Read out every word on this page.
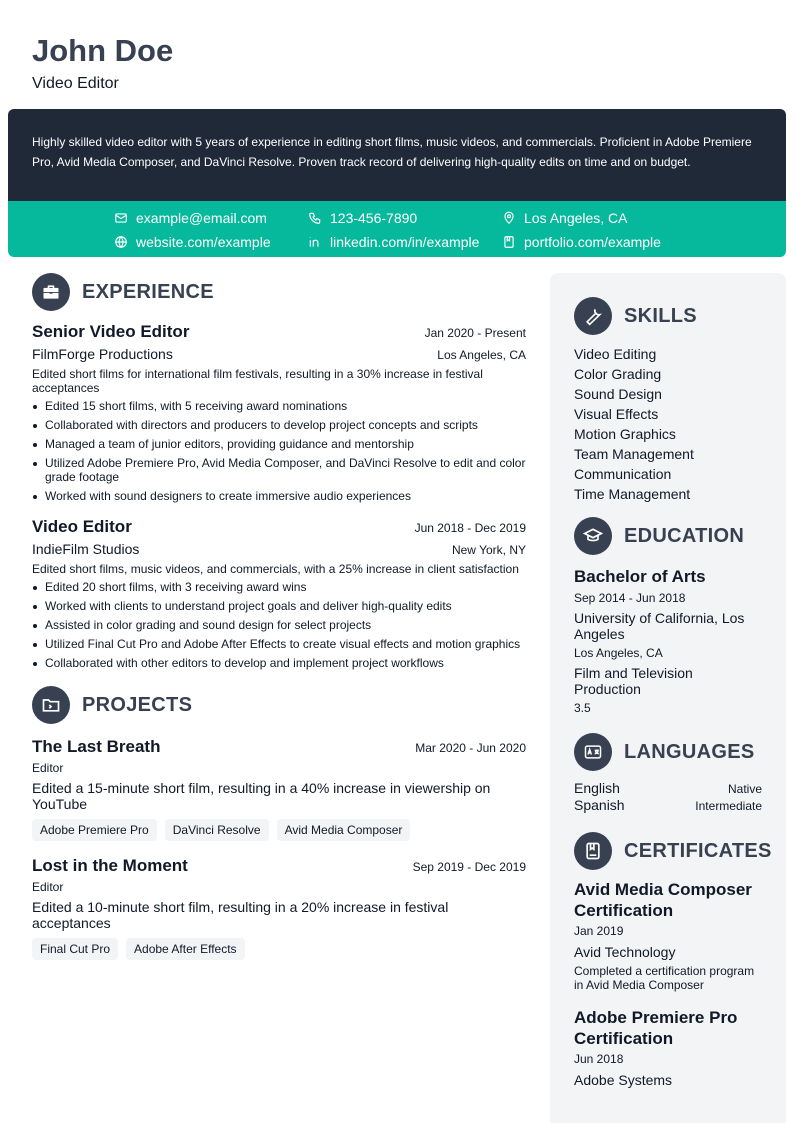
John Doe
Video Editor

Highly skilled video editor with 5 years of experience in editing short films, music videos, and commercials. Proficient in Adobe Premiere Pro, Avid Media Composer, and DaVinci Resolve. Proven track record of delivering high-quality edits on time and on budget.

example@email.com	123-456-7890	Los Angeles, CA
website.com/example	linkedin.com/in/example	portfolio.com/example
EXPERIENCE
Senior Video Editor	Jan 2020 - Present
FilmForge Productions	Los Angeles, CA
Edited short films for international film festivals, resulting in a 30% increase in festival acceptances
Edited 15 short films, with 5 receiving award nominations
Collaborated with directors and producers to develop project concepts and scripts
Managed a team of junior editors, providing guidance and mentorship
Utilized Adobe Premiere Pro, Avid Media Composer, and DaVinci Resolve to edit and color grade footage
Worked with sound designers to create immersive audio experiences
Video Editor	Jun 2018 - Dec 2019
IndieFilm Studios	New York, NY
Edited short films, music videos, and commercials, with a 25% increase in client satisfaction
Edited 20 short films, with 3 receiving award wins
Worked with clients to understand project goals and deliver high-quality edits
Assisted in color grading and sound design for select projects
Utilized Final Cut Pro and Adobe After Effects to create visual effects and motion graphics
Collaborated with other editors to develop and implement project workflows
PROJECTS
The Last Breath	Mar 2020 - Jun 2020
Editor
Edited a 15-minute short film, resulting in a 40% increase in viewership on YouTube
Adobe Premiere Pro	DaVinci Resolve	Avid Media Composer
Lost in the Moment	Sep 2019 - Dec 2019
Editor
Edited a 10-minute short film, resulting in a 20% increase in festival acceptances
Final Cut Pro	Adobe After Effects
SKILLS
Video Editing
Color Grading
Sound Design
Visual Effects
Motion Graphics
Team Management
Communication
Time Management
EDUCATION
Bachelor of Arts
Sep 2014 - Jun 2018
University of California, Los Angeles
Los Angeles, CA
Film and Television Production
3.5
LANGUAGES
English	Native
Spanish	Intermediate
CERTIFICATES
Avid Media Composer Certification
Jan 2019
Avid Technology
Completed a certification program in Avid Media Composer
Adobe Premiere Pro Certification
Jun 2018
Adobe Systems
